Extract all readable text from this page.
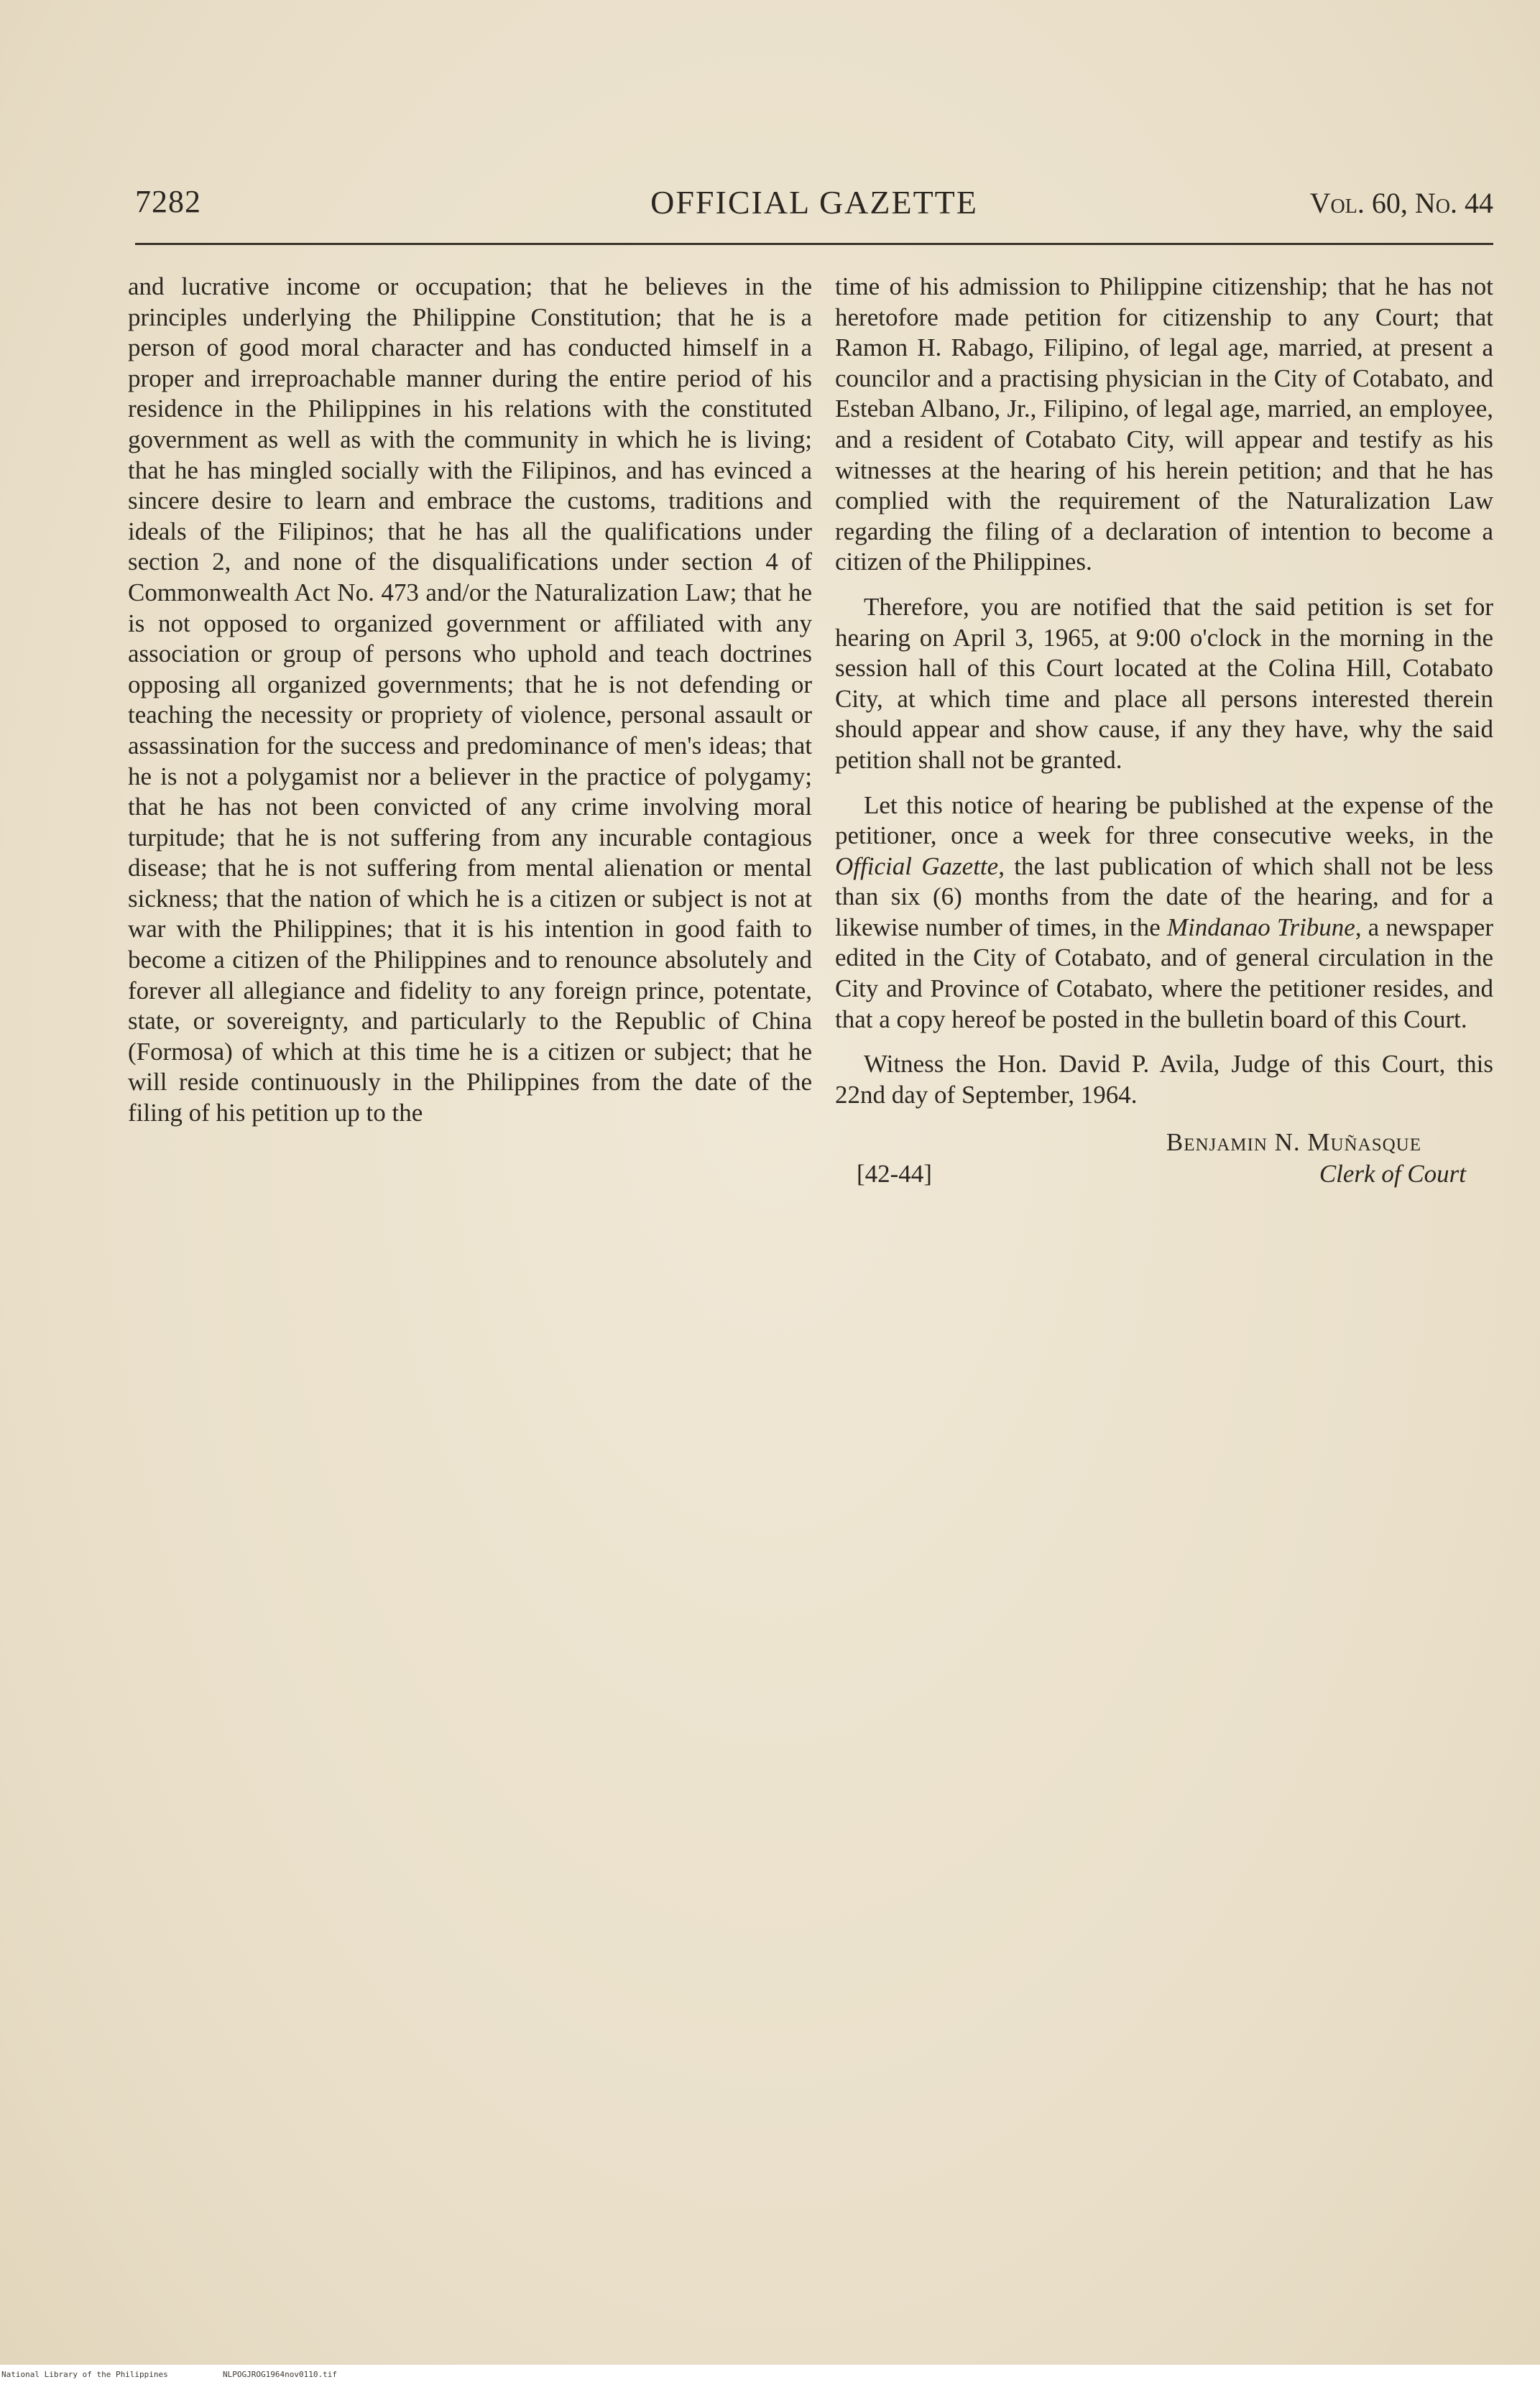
7282	OFFICIAL GAZETTE	Vol. 60, No. 44

and lucrative income or occupation; that he believes in the principles underlying the Philippine Constitution; that he is a person of good moral character and has conducted himself in a proper and irreproachable manner during the entire period of his residence in the Philippines in his relations with the constituted government as well as with the community in which he is living; that he has mingled socially with the Filipinos, and has evinced a sincere desire to learn and embrace the customs, traditions and ideals of the Filipinos; that he has all the qualifications under section 2, and none of the disqualifications under section 4 of Commonwealth Act No. 473 and/or the Naturalization Law; that he is not opposed to organized government or affiliated with any association or group of persons who uphold and teach doctrines opposing all organized governments; that he is not defending or teaching the necessity or propriety of violence, personal assault or assassination for the success and predominance of men's ideas; that he is not a polygamist nor a believer in the practice of polygamy; that he has not been convicted of any crime involving moral turpitude; that he is not suffering from any incurable contagious disease; that he is not suffering from mental alienation or mental sickness; that the nation of which he is a citizen or subject is not at war with the Philippines; that it is his intention in good faith to become a citizen of the Philippines and to renounce absolutely and forever all allegiance and fidelity to any foreign prince, potentate, state, or sovereignty, and particularly to the Republic of China (Formosa) of which at this time he is a citizen or subject; that he will reside continuously in the Philippines from the date of the filing of his petition up to the

time of his admission to Philippine citizenship; that he has not heretofore made petition for citizenship to any Court; that Ramon H. Rabago, Filipino, of legal age, married, at present a councilor and a practising physician in the City of Cotabato, and Esteban Albano, Jr., Filipino, of legal age, married, an employee, and a resident of Cotabato City, will appear and testify as his witnesses at the hearing of his herein petition; and that he has complied with the requirement of the Naturalization Law regarding the filing of a declaration of intention to become a citizen of the Philippines.

Therefore, you are notified that the said petition is set for hearing on April 3, 1965, at 9:00 o'clock in the morning in the session hall of this Court located at the Colina Hill, Cotabato City, at which time and place all persons interested therein should appear and show cause, if any they have, why the said petition shall not be granted.

Let this notice of hearing be published at the expense of the petitioner, once a week for three consecutive weeks, in the Official Gazette, the last publication of which shall not be less than six (6) months from the date of the hearing, and for a likewise number of times, in the Mindanao Tribune, a newspaper edited in the City of Cotabato, and of general circulation in the City and Province of Cotabato, where the petitioner resides, and that a copy hereof be posted in the bulletin board of this Court.

Witness the Hon. David P. Avila, Judge of this Court, this 22nd day of September, 1964.

Benjamin N. Muñasque
[42-44]	Clerk of Court
National Library of the Philippines	NLPOGJROG1964nov0110.tif
